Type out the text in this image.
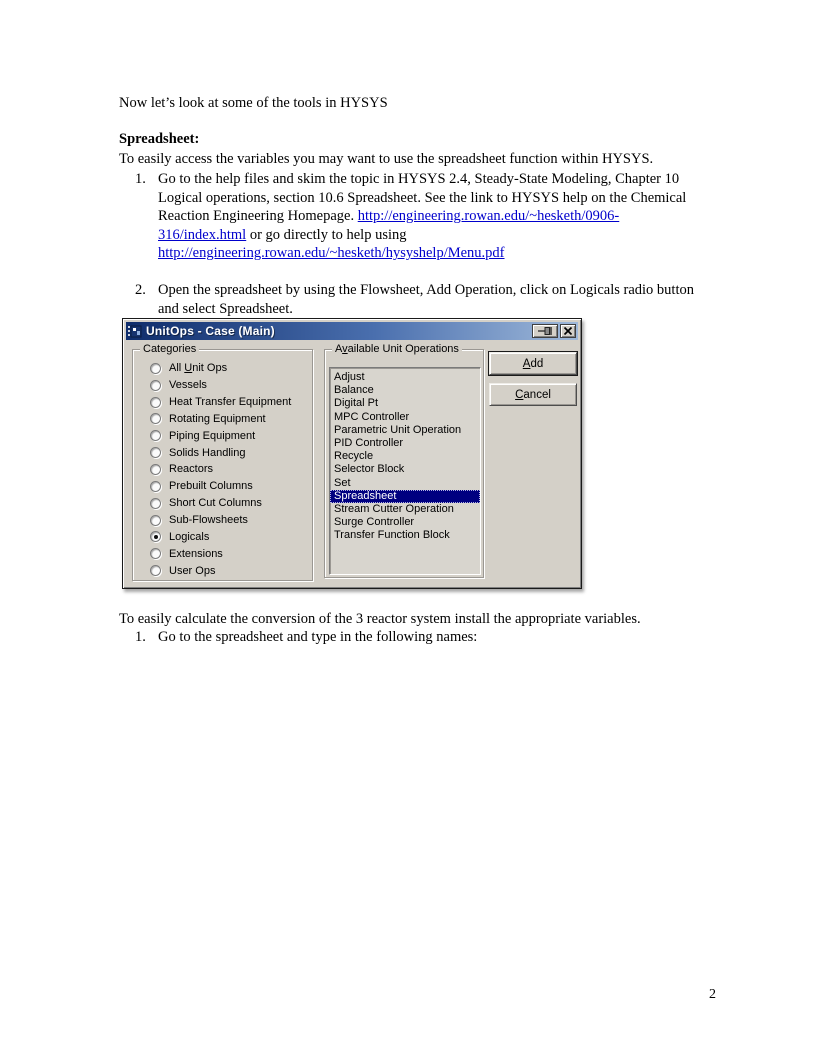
Now let’s look at some of the tools in HYSYS
Spreadsheet:
To easily access the variables you may want to use the spreadsheet function within HYSYS.
1. Go to the help files and skim the topic in HYSYS 2.4, Steady-State Modeling, Chapter 10 Logical operations, section 10.6 Spreadsheet. See the link to HYSYS help on the Chemical Reaction Engineering Homepage. http://engineering.rowan.edu/~hesketh/0906-316/index.html or go directly to help using http://engineering.rowan.edu/~hesketh/hysyshelp/Menu.pdf
2. Open the spreadsheet by using the Flowsheet, Add Operation, click on Logicals radio button and select Spreadsheet.
UnitOps - Case (Main)
Categories
All Unit Ops
Vessels
Heat Transfer Equipment
Rotating Equipment
Piping Equipment
Solids Handling
Reactors
Prebuilt Columns
Short Cut Columns
Sub-Flowsheets
Logicals
Extensions
User Ops
Available Unit Operations
Adjust
Balance
Digital Pt
MPC Controller
Parametric Unit Operation
PID Controller
Recycle
Selector Block
Set
Spreadsheet
Stream Cutter Operation
Surge Controller
Transfer Function Block
Add
Cancel
To easily calculate the conversion of the 3 reactor system install the appropriate variables.
1. Go to the spreadsheet and type in the following names:
2
